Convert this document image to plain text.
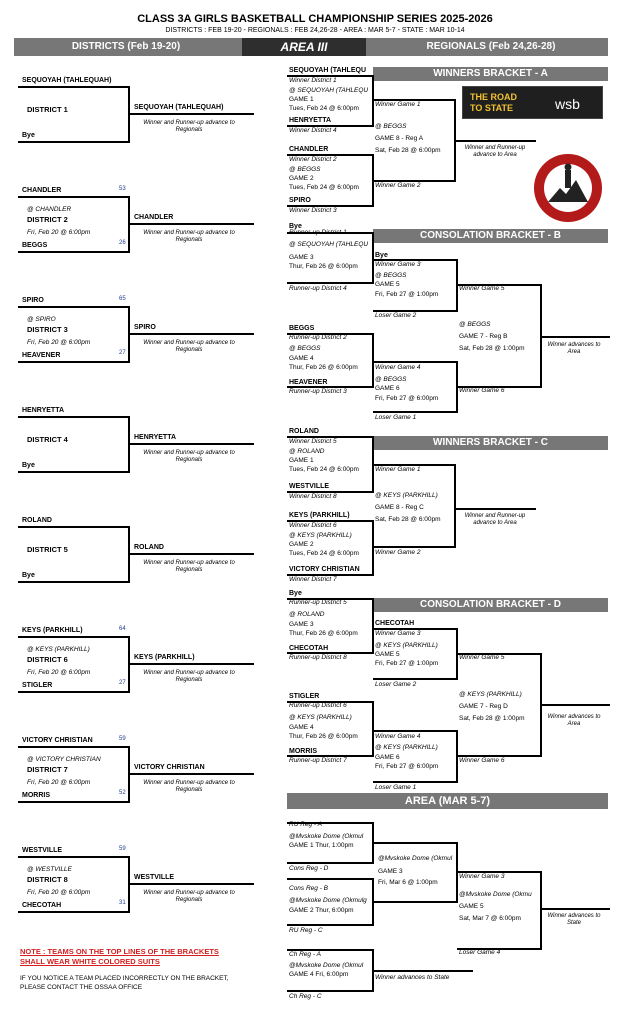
CLASS 3A GIRLS BASKETBALL CHAMPIONSHIP SERIES 2025-2026
DISTRICTS : FEB 19-20 - REGIONALS : FEB 24,26-28 - AREA : MAR 5-7 - STATE : MAR 10-14
DISTRICTS (Feb 19-20)	AREA III	REGIONALS (Feb 24,26-28)
SEQUOYAH (TAHLEQUAH)
DISTRICT 1
Bye
SEQUOYAH (TAHLEQUAH)
Winner and Runner-up advance to Regionals
CHANDLER	53
@ CHANDLER
DISTRICT 2
Fri, Feb 20 @ 6:00pm
BEGGS	26
CHANDLER
Winner and Runner-up advance to Regionals
SPIRO	65
@ SPIRO
DISTRICT 3
Fri, Feb 20 @ 6:00pm
HEAVENER	27
SPIRO
Winner and Runner-up advance to Regionals
HENRYETTA
DISTRICT 4
Bye
HENRYETTA
Winner and Runner-up advance to Regionals
ROLAND
DISTRICT 5
Bye
ROLAND
Winner and Runner-up advance to Regionals
KEYS (PARKHILL)	64
@ KEYS (PARKHILL)
DISTRICT 6
Fri, Feb 20 @ 6:00pm
STIGLER	27
KEYS (PARKHILL)
Winner and Runner-up advance to Regionals
VICTORY CHRISTIAN	59
@ VICTORY CHRISTIAN
DISTRICT 7
Fri, Feb 20 @ 6:00pm
MORRIS	52
VICTORY CHRISTIAN
Winner and Runner-up advance to Regionals
WESTVILLE	59
@ WESTVILLE
DISTRICT 8
Fri, Feb 20 @ 6:00pm
CHECOTAH	31
WESTVILLE
Winner and Runner-up advance to Regionals
WINNERS BRACKET - A
CONSOLATION BRACKET - B
WINNERS BRACKET - C
CONSOLATION BRACKET - D
AREA (MAR 5-7)
SEQUOYAH (TAHLEQU
Winner District 1
@ SEQUOYAH (TAHLEQU
GAME 1
Tues, Feb 24 @ 6:00pm
HENRYETTA
Winner District 4
CHANDLER
Winner District 2
@ BEGGS
GAME 2
Tues, Feb 24 @ 6:00pm
SPIRO
Winner District 3
Winner Game 1
@ BEGGS
GAME 8 - Reg A
Sat, Feb 28 @ 6:00pm
Winner Game 2
Winner and Runner-up advance to Area
Bye
Runner-up District 1
@ SEQUOYAH (TAHLEQU
GAME 3
Thur, Feb 26 @ 6:00pm
Runner-up District 4
Bye
Winner Game 3
@ BEGGS
GAME 5
Fri, Feb 27 @ 1:00pm
Loser Game 2
BEGGS
Runner-up District 2
@ BEGGS
GAME 4
Thur, Feb 26 @ 6:00pm
HEAVENER
Runner-up District 3
Winner Game 4
@ BEGGS
GAME 6
Fri, Feb 27 @ 6:00pm
Loser Game 1
Winner Game 5
@ BEGGS
GAME 7 - Reg B
Sat, Feb 28 @ 1:00pm
Winner Game 6
Winner advances to Area
ROLAND
Winner District 5
@ ROLAND
GAME 1
Tues, Feb 24 @ 6:00pm
WESTVILLE
Winner District 8
KEYS (PARKHILL)
Winner District 6
@ KEYS (PARKHILL)
GAME 2
Tues, Feb 24 @ 6:00pm
VICTORY CHRISTIAN
Winner District 7
Winner Game 1
@ KEYS (PARKHILL)
GAME 8 - Reg C
Sat, Feb 28 @ 6:00pm
Winner Game 2
Winner and Runner-up advance to Area
Bye
Runner-up District 5
@ ROLAND
GAME 3
Thur, Feb 26 @ 6:00pm
CHECOTAH
Runner-up District 8
CHECOTAH
Winner Game 3
@ KEYS (PARKHILL)
GAME 5
Fri, Feb 27 @ 1:00pm
Loser Game 2
STIGLER
Runner-up District 6
@ KEYS (PARKHILL)
GAME 4
Thur, Feb 26 @ 6:00pm
MORRIS
Runner-up District 7
Winner Game 4
@ KEYS (PARKHILL)
GAME 6
Fri, Feb 27 @ 6:00pm
Loser Game 1
Winner Game 5
@ KEYS (PARKHILL)
GAME 7 - Reg D
Sat, Feb 28 @ 1:00pm
Winner Game 6
Winner advances to Area
RU Reg - A
@Mvskoke Dome (Okmul
GAME 1 Thur, 1:00pm
Cons Reg - D
Cons Reg - B
@Mvskoke Dome (Okmulg
GAME 2 Thur, 6:00pm
RU Reg - C
@Mvskoke Dome (Okmul
GAME 3
Fri, Mar 6 @ 1:00pm
Winner Game 3
@Mvskoke Dome (Okmu
GAME 5
Sat, Mar 7 @ 6:00pm
Loser Game 4
Winner advances to State
Ch Reg - A
@Mvskoke Dome (Okmul
GAME 4 Fri, 6:00pm
Ch Reg - C
Winner advances to State
THE ROAD
TO STATE	wsb
NOTE : TEAMS ON THE TOP LINES OF THE BRACKETS
SHALL WEAR WHITE COLORED SUITS
IF YOU NOTICE A TEAM PLACED INCORRECTLY ON THE BRACKET,
PLEASE CONTACT THE OSSAA OFFICE
